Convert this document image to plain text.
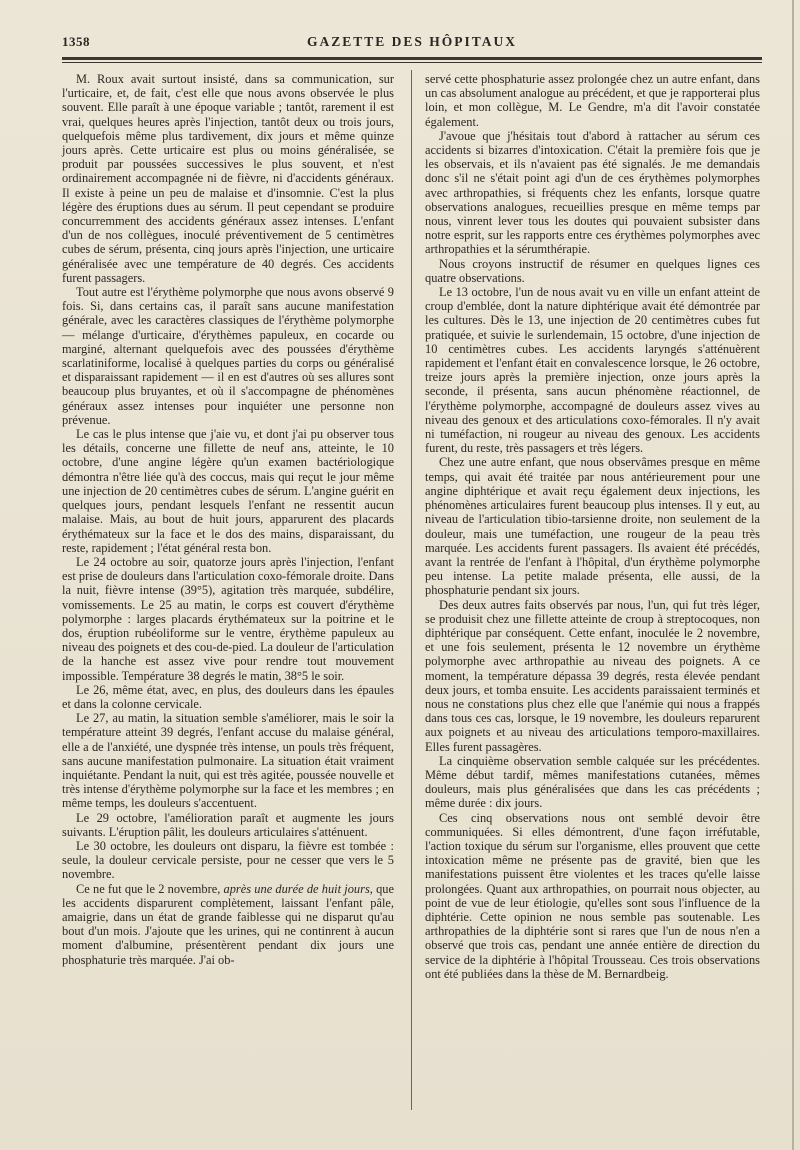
1358	GAZETTE DES HÔPITAUX

M. Roux avait surtout insisté, dans sa communication, sur l'urticaire, et, de fait, c'est elle que nous avons observée le plus souvent. Elle paraît à une époque variable ; tantôt, rarement il est vrai, quelques heures après l'injection, tantôt deux ou trois jours, quelquefois même plus tardivement, dix jours et même quinze jours après. Cette urticaire est plus ou moins généralisée, se produit par poussées successives le plus souvent, et n'est ordinairement accompagnée ni de fièvre, ni d'accidents généraux. Il existe à peine un peu de malaise et d'insomnie. C'est la plus légère des éruptions dues au sérum. Il peut cependant se produire concurremment des accidents généraux assez intenses. L'enfant d'un de nos collègues, inoculé préventivement de 5 centimètres cubes de sérum, présenta, cinq jours après l'injection, une urticaire généralisée avec une température de 40 degrés. Ces accidents furent passagers.

Tout autre est l'érythème polymorphe que nous avons observé 9 fois. Si, dans certains cas, il paraît sans aucune manifestation générale, avec les caractères classiques de l'érythème polymorphe — mélange d'urticaire, d'érythèmes papuleux, en cocarde ou marginé, alternant quelquefois avec des poussées d'érythème scarlatiniforme, localisé à quelques parties du corps ou généralisé et disparaissant rapidement — il en est d'autres où ses allures sont beaucoup plus bruyantes, et où il s'accompagne de phénomènes généraux assez intenses pour inquiéter une personne non prévenue.

Le cas le plus intense que j'aie vu, et dont j'ai pu observer tous les détails, concerne une fillette de neuf ans, atteinte, le 10 octobre, d'une angine légère qu'un examen bactériologique démontra n'être liée qu'à des coccus, mais qui reçut le jour même une injection de 20 centimètres cubes de sérum. L'angine guérit en quelques jours, pendant lesquels l'enfant ne ressentit aucun malaise. Mais, au bout de huit jours, apparurent des placards érythémateux sur la face et le dos des mains, disparaissant, du reste, rapidement ; l'état général resta bon.

Le 24 octobre au soir, quatorze jours après l'injection, l'enfant est prise de douleurs dans l'articulation coxo-fémorale droite. Dans la nuit, fièvre intense (39°5), agitation très marquée, subdélire, vomissements. Le 25 au matin, le corps est couvert d'érythème polymorphe : larges placards érythémateux sur la poitrine et le dos, éruption rubéoliforme sur le ventre, érythème papuleux au niveau des poignets et des cou-de-pied. La douleur de l'articulation de la hanche est assez vive pour rendre tout mouvement impossible. Température 38 degrés le matin, 38°5 le soir.

Le 26, même état, avec, en plus, des douleurs dans les épaules et dans la colonne cervicale.

Le 27, au matin, la situation semble s'améliorer, mais le soir la température atteint 39 degrés, l'enfant accuse du malaise général, elle a de l'anxiété, une dyspnée très intense, un pouls très fréquent, sans aucune manifestation pulmonaire. La situation était vraiment inquiétante. Pendant la nuit, qui est très agitée, poussée nouvelle et très intense d'érythème polymorphe sur la face et les membres ; en même temps, les douleurs s'accentuent.

Le 29 octobre, l'amélioration paraît et augmente les jours suivants. L'éruption pâlit, les douleurs articulaires s'atténuent.

Le 30 octobre, les douleurs ont disparu, la fièvre est tombée : seule, la douleur cervicale persiste, pour ne cesser que vers le 5 novembre.

Ce ne fut que le 2 novembre, après une durée de huit jours, que les accidents disparurent complètement, laissant l'enfant pâle, amaigrie, dans un état de grande faiblesse qui ne disparut qu'au bout d'un mois. J'ajoute que les urines, qui ne continrent à aucun moment d'albumine, présentèrent pendant dix jours une phosphaturie très marquée. J'ai ob-

servé cette phosphaturie assez prolongée chez un autre enfant, dans un cas absolument analogue au précédent, et que je rapporterai plus loin, et mon collègue, M. Le Gendre, m'a dit l'avoir constatée également.

J'avoue que j'hésitais tout d'abord à rattacher au sérum ces accidents si bizarres d'intoxication. C'était la première fois que je les observais, et ils n'avaient pas été signalés. Je me demandais donc s'il ne s'était point agi d'un de ces érythèmes polymorphes avec arthropathies, si fréquents chez les enfants, lorsque quatre observations analogues, recueillies presque en même temps par nous, vinrent lever tous les doutes qui pouvaient subsister dans notre esprit, sur les rapports entre ces érythèmes polymorphes avec arthropathies et la sérumthérapie.

Nous croyons instructif de résumer en quelques lignes ces quatre observations.

Le 13 octobre, l'un de nous avait vu en ville un enfant atteint de croup d'emblée, dont la nature diphtérique avait été démontrée par les cultures. Dès le 13, une injection de 20 centimètres cubes fut pratiquée, et suivie le surlendemain, 15 octobre, d'une injection de 10 centimètres cubes. Les accidents laryngés s'atténuèrent rapidement et l'enfant était en convalescence lorsque, le 26 octobre, treize jours après la première injection, onze jours après la seconde, il présenta, sans aucun phénomène réactionnel, de l'érythème polymorphe, accompagné de douleurs assez vives au niveau des genoux et des articulations coxo-fémorales. Il n'y avait ni tuméfaction, ni rougeur au niveau des genoux. Les accidents furent, du reste, très passagers et très légers.

Chez une autre enfant, que nous observâmes presque en même temps, qui avait été traitée par nous antérieurement pour une angine diphtérique et avait reçu également deux injections, les phénomènes articulaires furent beaucoup plus intenses. Il y eut, au niveau de l'articulation tibio-tarsienne droite, non seulement de la douleur, mais une tuméfaction, une rougeur de la peau très marquée. Les accidents furent passagers. Ils avaient été précédés, avant la rentrée de l'enfant à l'hôpital, d'un érythème polymorphe peu intense. La petite malade présenta, elle aussi, de la phosphaturie pendant six jours.

Des deux autres faits observés par nous, l'un, qui fut très léger, se produisit chez une fillette atteinte de croup à streptocoques, non diphtérique par conséquent. Cette enfant, inoculée le 2 novembre, et une fois seulement, présenta le 12 novembre un érythème polymorphe avec arthropathie au niveau des poignets. A ce moment, la température dépassa 39 degrés, resta élevée pendant deux jours, et tomba ensuite. Les accidents paraissaient terminés et nous ne constations plus chez elle que l'anémie qui nous a frappés dans tous ces cas, lorsque, le 19 novembre, les douleurs reparurent aux poignets et au niveau des articulations temporo-maxillaires. Elles furent passagères.

La cinquième observation semble calquée sur les précédentes. Même début tardif, mêmes manifestations cutanées, mêmes douleurs, mais plus généralisées que dans les cas précédents ; même durée : dix jours.

Ces cinq observations nous ont semblé devoir être communiquées. Si elles démontrent, d'une façon irréfutable, l'action toxique du sérum sur l'organisme, elles prouvent que cette intoxication même ne présente pas de gravité, bien que les manifestations puissent être violentes et les traces qu'elle laisse prolongées. Quant aux arthropathies, on pourrait nous objecter, au point de vue de leur étiologie, qu'elles sont sous l'influence de la diphtérie. Cette opinion ne nous semble pas soutenable. Les arthropathies de la diphtérie sont si rares que l'un de nous n'en a observé que trois cas, pendant une année entière de direction du service de la diphtérie à l'hôpital Trousseau. Ces trois observations ont été publiées dans la thèse de M. Bernardbeig.
